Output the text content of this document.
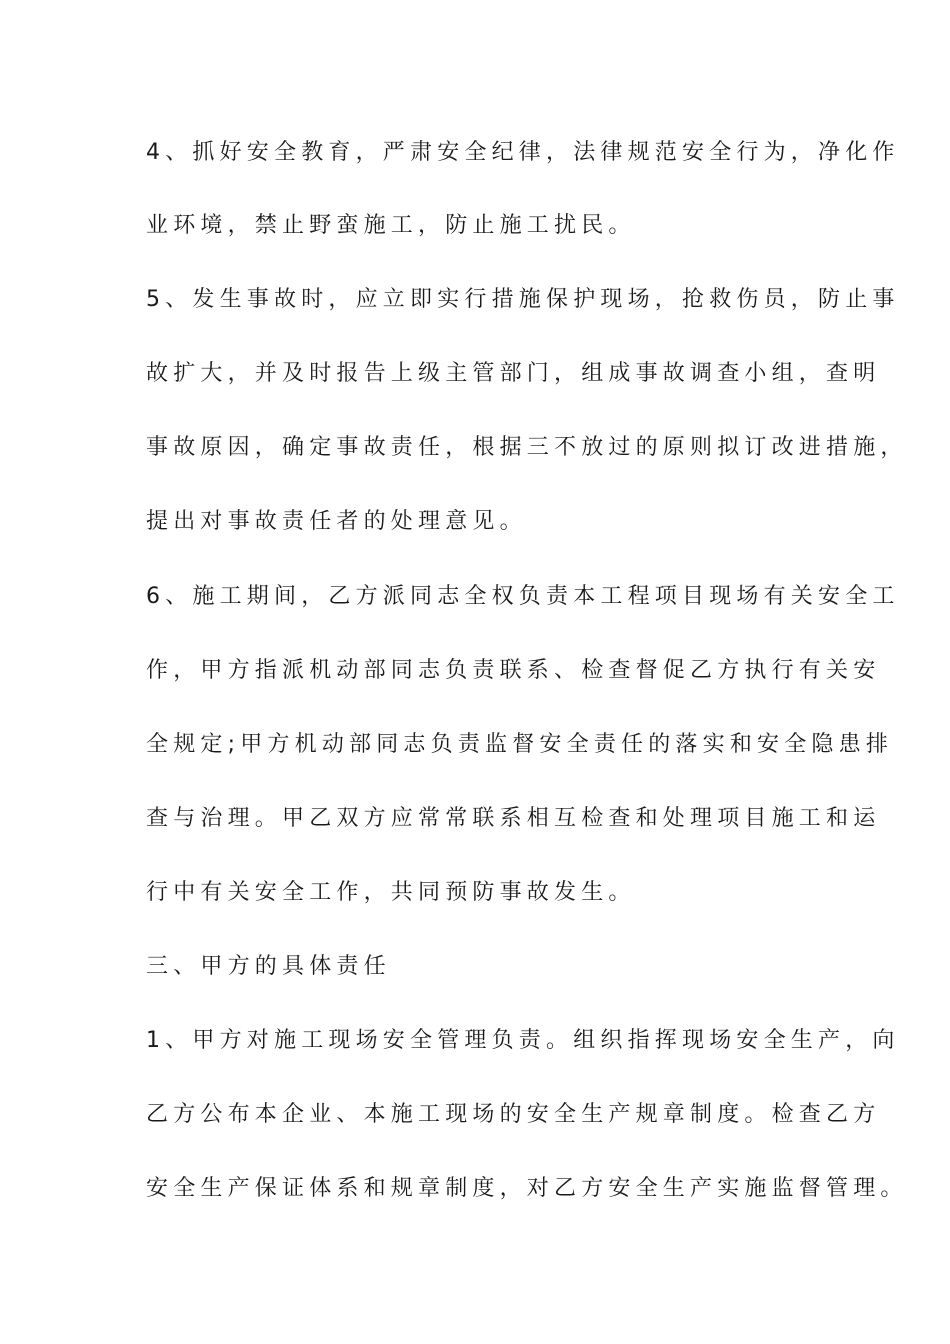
4、抓好安全教育，严肃安全纪律，法律规范安全行为，净化作
业环境，禁止野蛮施工，防止施工扰民。
5、发生事故时，应立即实行措施保护现场，抢救伤员，防止事
故扩大，并及时报告上级主管部门，组成事故调查小组，查明
事故原因，确定事故责任，根据三不放过的原则拟订改进措施，
提出对事故责任者的处理意见。
6、施工期间，乙方派同志全权负责本工程项目现场有关安全工
作，甲方指派机动部同志负责联系、检查督促乙方执行有关安
全规定;甲方机动部同志负责监督安全责任的落实和安全隐患排
查与治理。甲乙双方应常常联系相互检查和处理项目施工和运
行中有关安全工作，共同预防事故发生。
三、甲方的具体责任
1、甲方对施工现场安全管理负责。组织指挥现场安全生产，向
乙方公布本企业、本施工现场的安全生产规章制度。检查乙方
安全生产保证体系和规章制度，对乙方安全生产实施监督管理。
